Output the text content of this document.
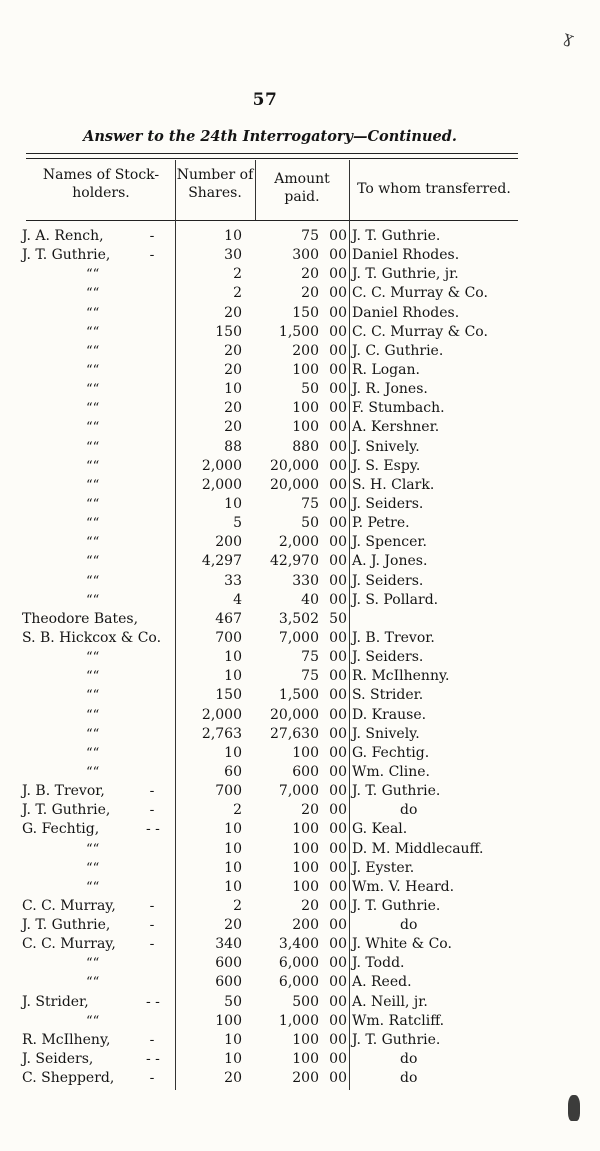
ɣ
57
Answer to the 24th Interrogatory—Continued.
Names of Stock-
holders.
Number of
Shares.
Amount
paid.	To whom transferred.
J. A. Rench,	-	10	75 00 J. T. Guthrie.
J. T. Guthrie,	-	30	300 00 Daniel Rhodes.
““	2	20 00 J. T. Guthrie, jr.
““	2	20 00 C. C. Murray & Co.
““	20	150 00 Daniel Rhodes.
““	150	1,500 00 C. C. Murray & Co.
““	20	200 00 J. C. Guthrie.
““	20	100 00 R. Logan.
““	10	50 00 J. R. Jones.
““	20	100 00 F. Stumbach.
““	20	100 00 A. Kershner.
““	88	880 00 J. Snively.
““	2,000	20,000 00 J. S. Espy.
““	2,000	20,000 00 S. H. Clark.
““	10	75 00 J. Seiders.
““	5	50 00 P. Petre.
““	200	2,000 00 J. Spencer.
““	4,297	42,970 00 A. J. Jones.
““	33	330 00 J. Seiders.
““	4	40 00 J. S. Pollard.
Theodore Bates,	467	3,502 50
S. B. Hickcox & Co.	700	7,000 00 J. B. Trevor.
““	10	75 00 J. Seiders.
““	10	75 00 R. McIlhenny.
““	150	1,500 00 S. Strider.
““	2,000	20,000 00 D. Krause.
““	2,763	27,630 00 J. Snively.
““	10	100 00 G. Fechtig.
““	60	600 00 Wm. Cline.
J. B. Trevor,	-	700	7,000 00 J. T. Guthrie.
J. T. Guthrie,	-	2	20 00	do
G. Fechtig,	- -	10	100 00 G. Keal.
““	10	100 00 D. M. Middlecauff.
““	10	100 00 J. Eyster.
““	10	100 00 Wm. V. Heard.
C. C. Murray,	-	2	20 00 J. T. Guthrie.
J. T. Guthrie,	-	20	200 00	do
C. C. Murray,	-	340	3,400 00 J. White & Co.
““	600	6,000 00 J. Todd.
““	600	6,000 00 A. Reed.
J. Strider,	- -	50	500 00 A. Neill, jr.
““	100	1,000 00 Wm. Ratcliff.
R. McIlheny,	-	10	100 00 J. T. Guthrie.
J. Seiders,	- -	10	100 00	do
C. Shepperd,	-	20	200 00	do
